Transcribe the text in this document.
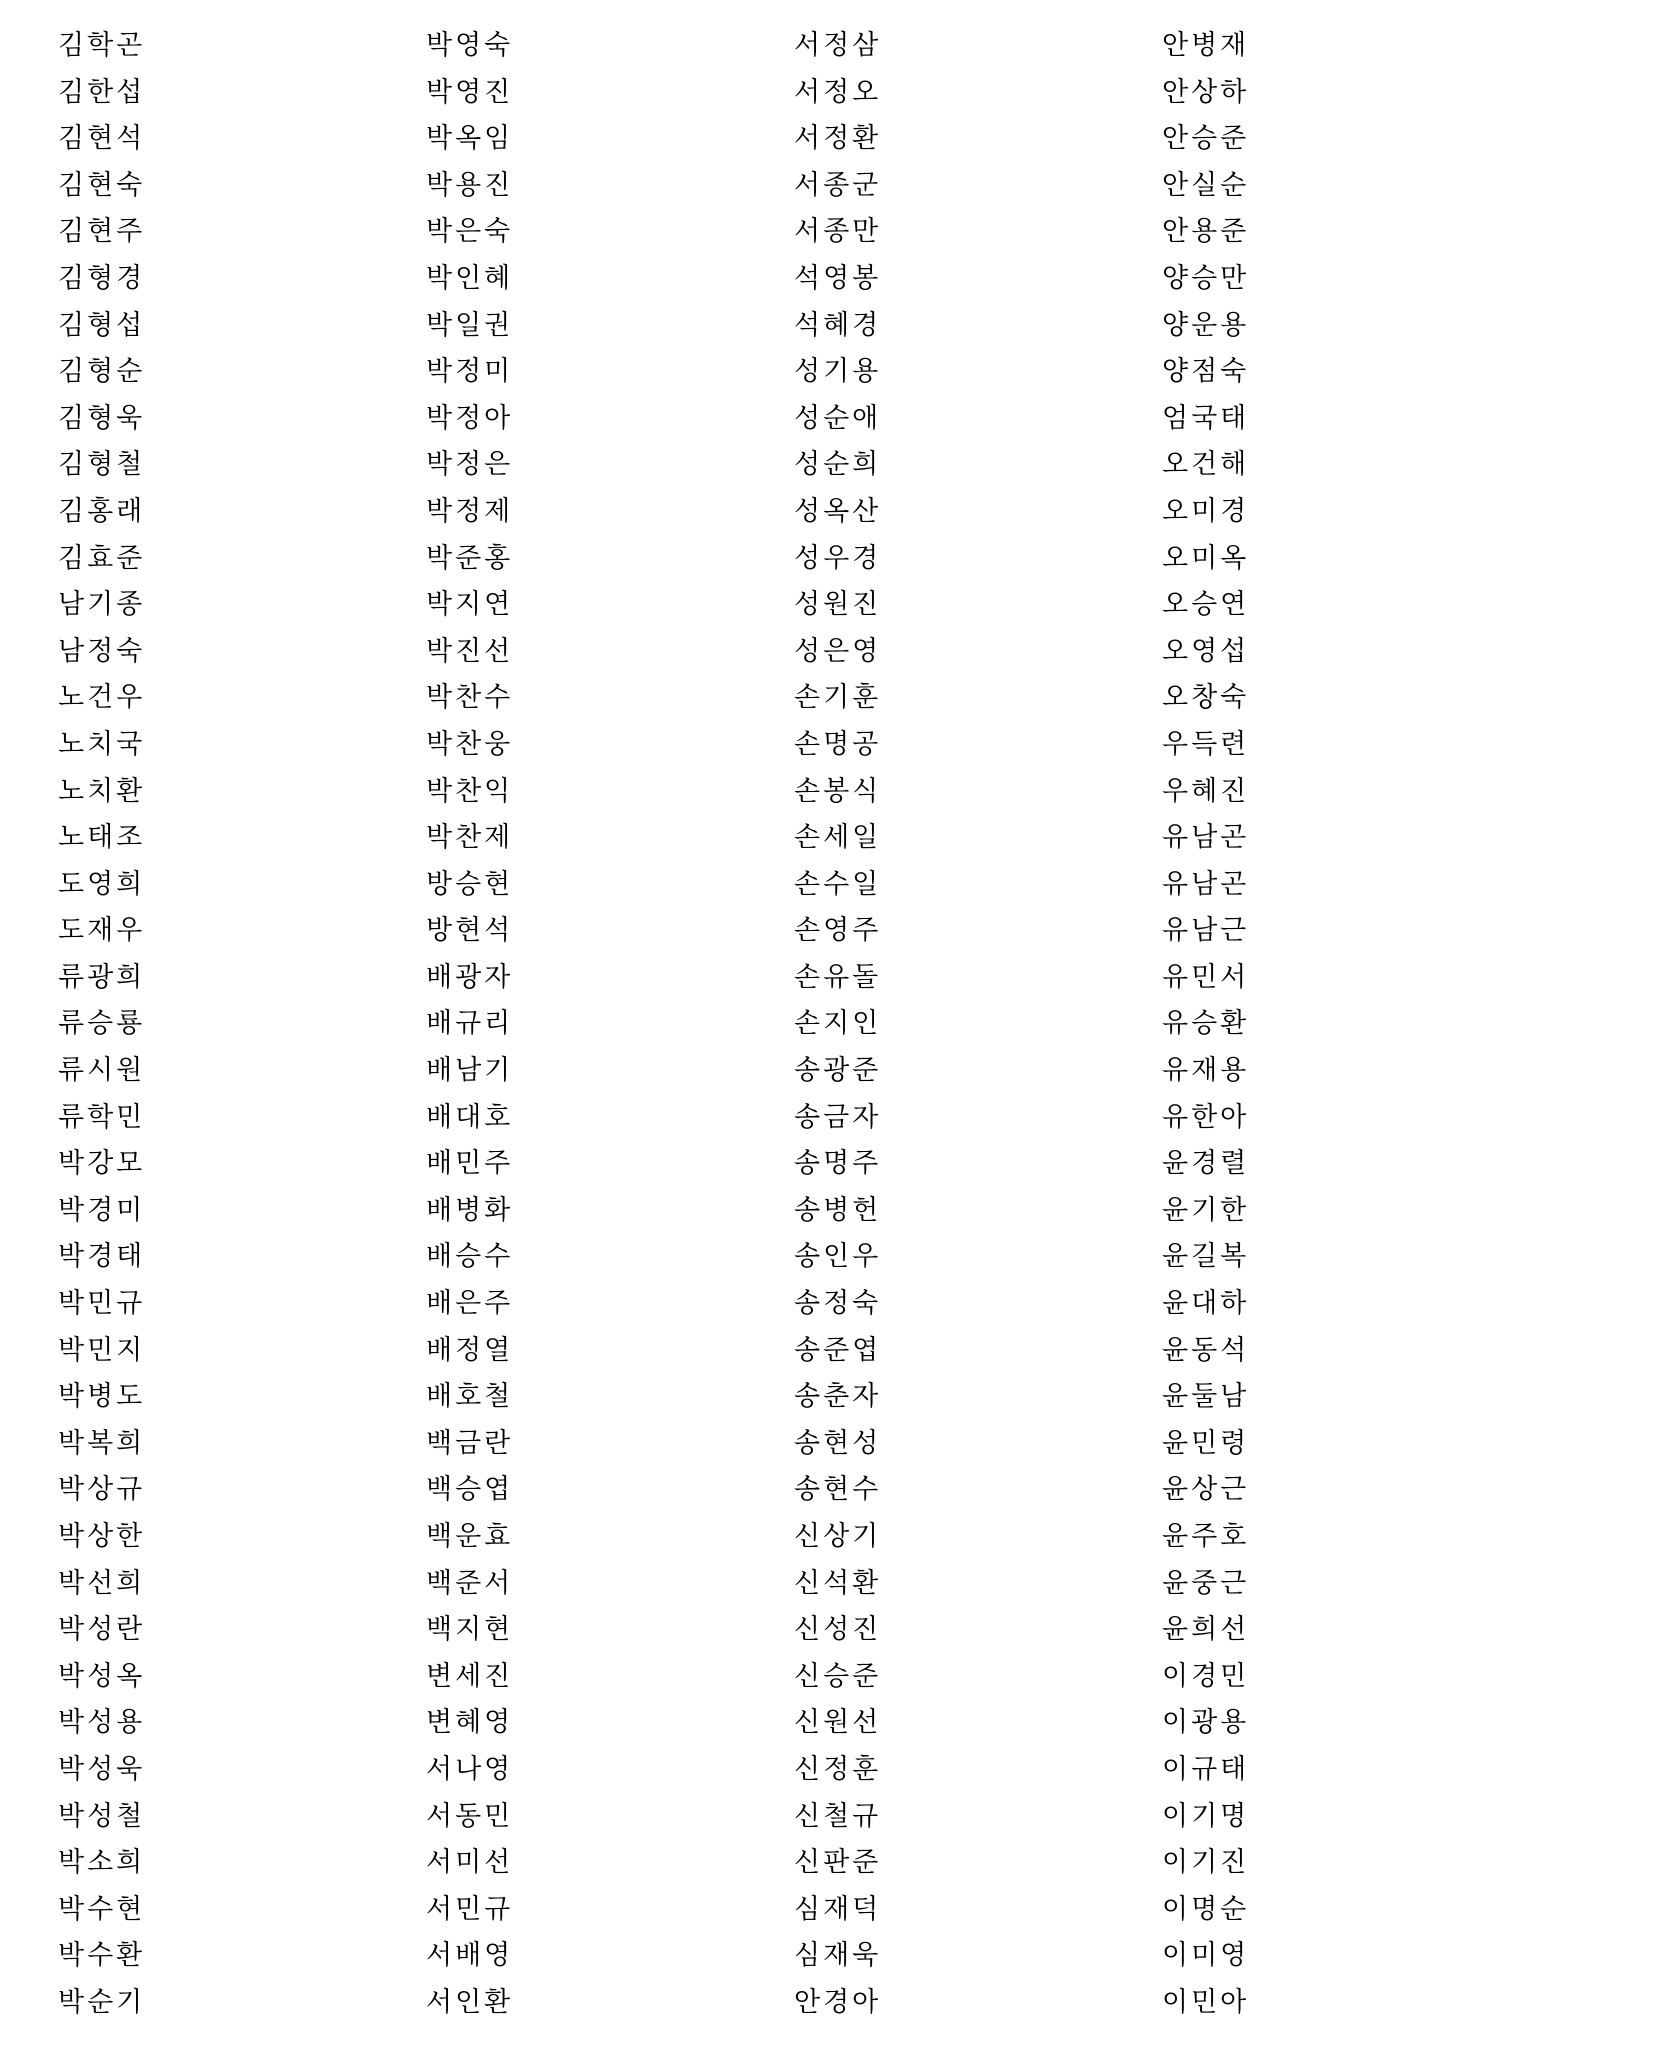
김학곤
김한섭
김현석
김현숙
김현주
김형경
김형섭
김형순
김형욱
김형철
김홍래
김효준
남기종
남정숙
노건우
노치국
노치환
노태조
도영희
도재우
류광희
류승룡
류시원
류학민
박강모
박경미
박경태
박민규
박민지
박병도
박복희
박상규
박상한
박선희
박성란
박성옥
박성용
박성욱
박성철
박소희
박수현
박수환
박순기
박영숙
박영진
박옥임
박용진
박은숙
박인혜
박일권
박정미
박정아
박정은
박정제
박준홍
박지연
박진선
박찬수
박찬웅
박찬익
박찬제
방승현
방현석
배광자
배규리
배남기
배대호
배민주
배병화
배승수
배은주
배정열
배호철
백금란
백승엽
백운효
백준서
백지현
변세진
변혜영
서나영
서동민
서미선
서민규
서배영
서인환
서정삼
서정오
서정환
서종군
서종만
석영봉
석혜경
성기용
성순애
성순희
성옥산
성우경
성원진
성은영
손기훈
손명공
손봉식
손세일
손수일
손영주
손유돌
손지인
송광준
송금자
송명주
송병헌
송인우
송정숙
송준엽
송춘자
송현성
송현수
신상기
신석환
신성진
신승준
신원선
신정훈
신철규
신판준
심재덕
심재욱
안경아
안병재
안상하
안승준
안실순
안용준
양승만
양운용
양점숙
엄국태
오건해
오미경
오미옥
오승연
오영섭
오창숙
우득련
우혜진
유남곤
유남곤
유남근
유민서
유승환
유재용
유한아
윤경렬
윤기한
윤길복
윤대하
윤동석
윤둘남
윤민령
윤상근
윤주호
윤중근
윤희선
이경민
이광용
이규태
이기명
이기진
이명순
이미영
이민아
